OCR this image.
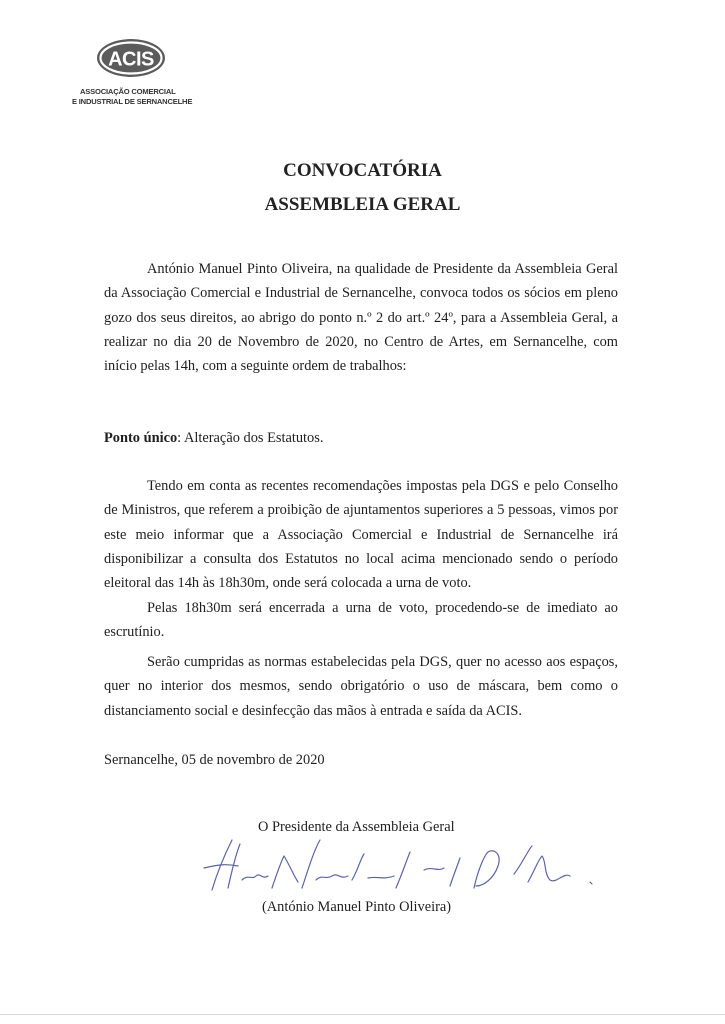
ACIS
ASSOCIAÇÃO COMERCIAL
E INDUSTRIAL DE SERNANCELHE
CONVOCATÓRIA
ASSEMBLEIA GERAL
António Manuel Pinto Oliveira, na qualidade de Presidente da Assembleia Geral da Associação Comercial e Industrial de Sernancelhe, convoca todos os sócios em pleno gozo dos seus direitos, ao abrigo do ponto n.º 2 do art.º 24º, para a Assembleia Geral, a realizar no dia 20 de Novembro de 2020, no Centro de Artes, em Sernancelhe, com início pelas 14h, com a seguinte ordem de trabalhos:
Ponto único: Alteração dos Estatutos.
Tendo em conta as recentes recomendações impostas pela DGS e pelo Conselho de Ministros, que referem a proibição de ajuntamentos superiores a 5 pessoas, vimos por este meio informar que a Associação Comercial e Industrial de Sernancelhe irá disponibilizar a consulta dos Estatutos no local acima mencionado sendo o período eleitoral das 14h às 18h30m, onde será colocada a urna de voto.
Pelas 18h30m será encerrada a urna de voto, procedendo-se de imediato ao escrutínio.
Serão cumpridas as normas estabelecidas pela DGS, quer no acesso aos espaços, quer no interior dos mesmos, sendo obrigatório o uso de máscara, bem como o distanciamento social e desinfecção das mãos à entrada e saída da ACIS.
Sernancelhe, 05 de novembro de 2020
O Presidente da Assembleia Geral
(António Manuel Pinto Oliveira)
